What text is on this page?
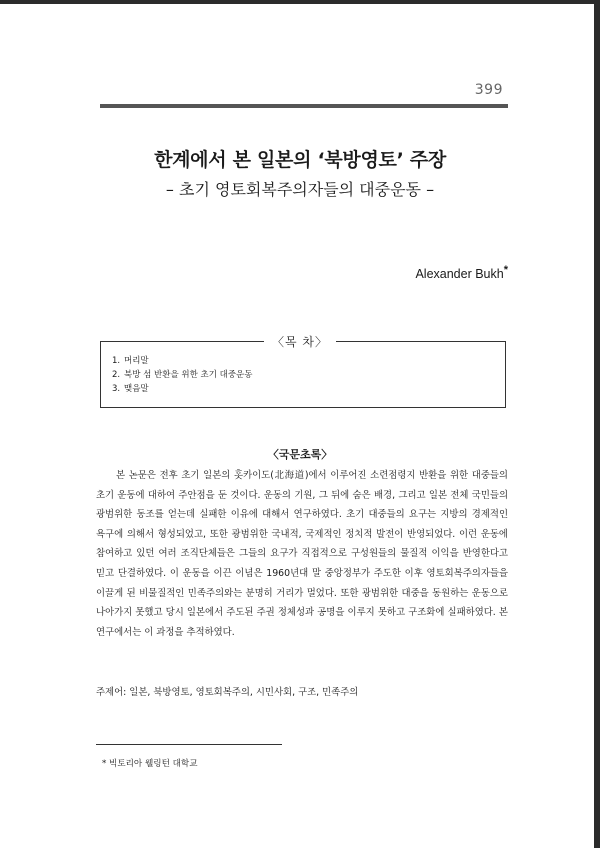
399
한계에서 본 일본의 ‘북방영토’ 주장
– 초기 영토회복주의자들의 대중운동 –
Alexander Bukh*
〈목 차〉
1. 머리말
2. 북방 섬 반환을 위한 초기 대중운동
3. 맺음말
〈국문초록〉

본 논문은 전후 초기 일본의 홋카이도(北海道)에서 이루어진 소련점령지 반환을 위한 대중들의 초기 운동에 대하여 주안점을 둔 것이다. 운동의 기원, 그 뒤에 숨은 배경, 그리고 일본 전체 국민들의 광범위한 동조를 얻는데 실패한 이유에 대해서 연구하였다. 초기 대중들의 요구는 지방의 경제적인 욕구에 의해서 형성되었고, 또한 광범위한 국내적, 국제적인 정치적 발전이 반영되었다. 이런 운동에 참여하고 있던 여러 조직단체들은 그들의 요구가 직접적으로 구성원들의 물질적 이익을 반영한다고 믿고 단결하였다. 이 운동을 이끈 이념은 1960년대 말 중앙정부가 주도한 이후 영토회복주의자들을 이끌게 된 비물질적인 민족주의와는 분명히 거리가 멀었다. 또한 광범위한 대중을 동원하는 운동으로 나아가지 못했고 당시 일본에서 주도된 주권 정체성과 공명을 이루지 못하고 구조화에 실패하였다. 본 연구에서는 이 과정을 추적하였다.

주제어: 일본, 북방영토, 영토회복주의, 시민사회, 구조, 민족주의

* 빅토리아 웰링턴 대학교
